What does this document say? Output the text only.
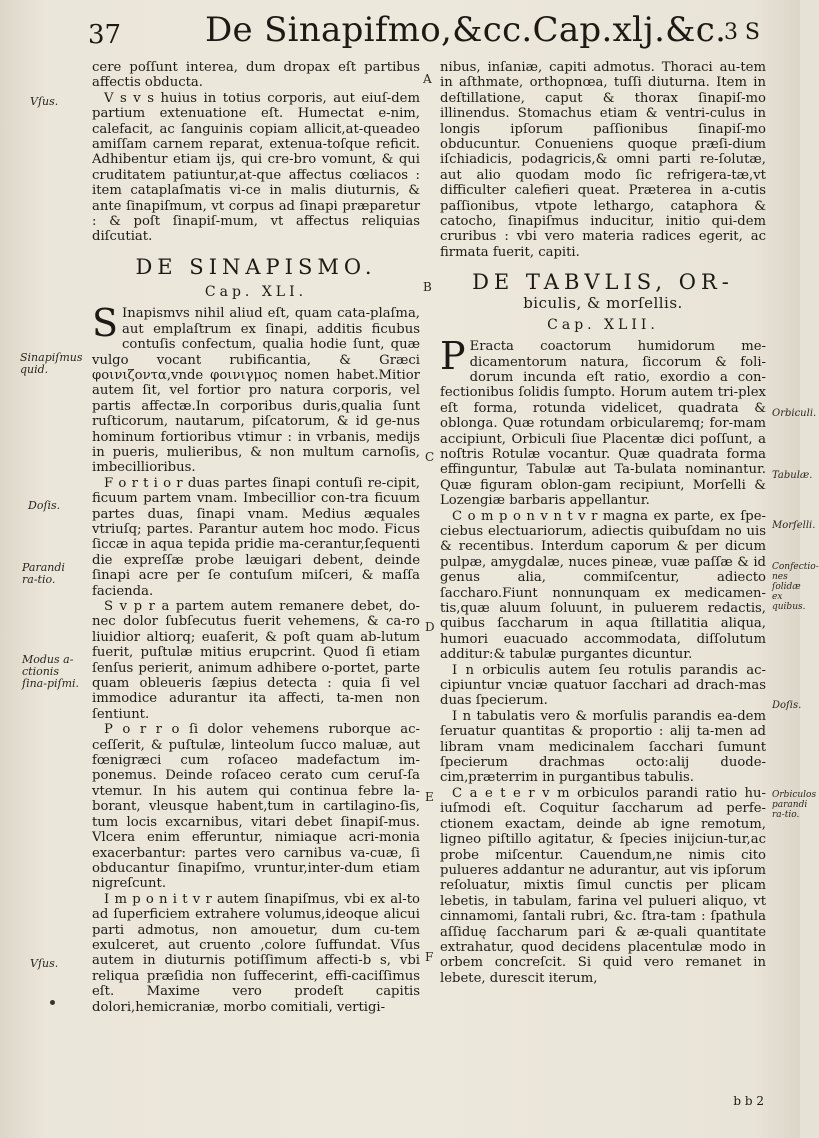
37 De Sinapifmo,&cc.Cap.xlj.&c.
3 S

cere poſſunt interea, dum dropax eſt partibus affectis obducta.

V s v s huius in totius corporis, aut eiuſ-dem partium extenuatione eſt. Humectat e-nim, calefacit, ac ſanguinis copiam allicit,at-queadeo amiſſam carnem reparat, extenua-toſque reficit. Adhibentur etiam ijs, qui cre-bro vomunt, & qui cruditatem patiuntur,at-que affectus cœliacos : item cataplaſmatis vi-ce in malis diuturnis, & ante ſinapiſmum, vt corpus ad ſinapi præparetur : & poſt ſinapiſ-mum, vt affectus reliquias diſcutiat.

DE SINAPISMO.
Cap. XLI.

S Inapismvs nihil aliud eſt, quam cata-plaſma, aut emplaſtrum ex ſinapi, additis ficubus contuſis confectum, qualia hodie ſunt, quæ vulgo vocant rubificantia, & Græci φοινιζοντα,vnde φοινιγμος nomen habet.Mitior autem ſit, vel fortior pro natura corporis, vel partis affectæ.In corporibus duris,qualia ſunt ruſticorum, nautarum, piſcatorum, & id ge-nus hominum fortioribus vtimur : in vrbanis, medijs in pueris, mulieribus, & non multum carnoſis, imbecillioribus.

F o r t i o r duas partes ſinapi contuſi re-cipit, ficuum partem vnam. Imbecillior con-tra ficuum partes duas, ſinapi vnam. Medius æquales vtriuſq; partes. Parantur autem hoc modo. Ficus ſiccæ in aqua tepida pridie ma-cerantur,ſequenti die expreſſæ probe læuigari debent, deinde ſinapi acre per ſe contuſum miſceri, & maſſa facienda.

S v p r a partem autem remanere debet, do-nec dolor ſubſecutus fuerit vehemens, & ca-ro liuidior altiorq; euaſerit, & poſt quam ab-lutum fuerit, puſtulæ mitius erupcrint. Quod ſi etiam ſenſus perierit, animum adhibere o-portet, parte quam obleueris ſæpius detecta : quia ſi vel immodice adurantur ita affecti, ta-men non ſentiunt.

P o r r o ſi dolor vehemens ruborque ac-ceſſerit, & puſtulæ, linteolum ſucco maluæ, aut fœnigræci cum roſaceo madefactum im-ponemus. Deinde roſaceo cerato cum ceruſ-ſa vtemur. In his autem qui continua febre la-borant, vleusque habent,tum in cartilagino-ſis, tum locis excarnibus, vitari debet ſinapiſ-mus. Vlcera enim efferuntur, nimiaque acri-monia exacerbantur: partes vero carnibus va-cuæ, ſi obducantur ſinapiſmo, vruntur,inter-dum etiam nigreſcunt.

I m p o n i t v r autem ſinapiſmus, vbi ex al-to ad ſuperficiem extrahere volumus,ideoque alicui parti admotus, non amouetur, dum cu-tem exulceret, aut cruento ,colore ſuffundat. Vſus autem in diuturnis potiſſimum affecti-b s, vbi reliqua præſidia non ſuffecerint, effi-caciſſimus eſt. Maxime vero prodeſt capitis dolori,hemicraniæ, morbo comitiali, vertigi-

nibus, inſaniæ, capiti admotus. Thoraci au-tem in aſthmate, orthopnœa, tuſſi diuturna. Item in deſtillatione, caput & thorax ſinapiſ-mo illinendus. Stomachus etiam & ventri-culus in longis ipſorum paſſionibus ſinapiſ-mo obducuntur. Conueniens quoque præſi-dium iſchiadicis, podagricis,& omni parti re-ſolutæ, aut alio quodam modo ſic refrigera-tæ,vt difficulter calefieri queat. Præterea in a-cutis paſſionibus, vtpote lethargo, cataphora & catocho, ſinapiſmus inducitur, initio qui-dem cruribus : vbi vero materia radices egerit, ac firmata fuerit, capiti.

DE TABVLIS, OR-
biculis, & morſellis.
Cap. XLII.

P Eracta coactorum humidorum me-dicamentorum natura, ſiccorum & foli-dorum incunda eſt ratio, exordio a con-fectionibus ſolidis ſumpto. Horum autem tri-plex eſt forma, rotunda videlicet, quadrata & oblonga. Quæ rotundam orbicularemq; for-mam accipiunt, Orbiculi ſiue Placentæ dici poſſunt, a noſtris Rotulæ vocantur. Quæ quadrata forma effinguntur, Tabulæ aut Ta-bulata nominantur. Quæ figuram oblon-gam recipiunt, Morſelli & Lozengiæ barbaris appellantur.

C o m p o n v n t v r magna ex parte, ex ſpe-ciebus electuariorum, adiectis quibuſdam no uis & recentibus. Interdum caporum & per dicum pulpæ, amygdalæ, nuces pineæ, vuæ paſſæ & id genus alia, commiſcentur, adiecto ſaccharo.Fiunt nonnunquam ex medicamen-tis,quæ aluum ſoluunt, in puluerem redactis, quibus ſaccharum in aqua ſtillatitia aliqua, humori euacuado accommodata, diſſolutum additur:& tabulæ purgantes dicuntur.

I n orbiculis autem ſeu rotulis parandis ac-cipiuntur vnciæ quatuor ſacchari ad drach-mas duas ſpecierum.

I n tabulatis vero & morſulis parandis ea-dem ſeruatur quantitas & proportio : alij ta-men ad libram vnam medicinalem ſacchari ſumunt ſpecierum drachmas octo:alij duode-cim,præterrim in purgantibus tabulis.

C a e t e r v m orbiculos parandi ratio hu-iuſmodi eſt. Coquitur ſaccharum ad perfe-ctionem exactam, deinde ab igne remotum, ligneo piſtillo agitatur, & ſpecies inijciun-tur,ac probe miſcentur. Cauendum,ne nimis cito pulueres addantur ne adurantur, aut vis ipſorum reſoluatur, mixtis ſimul cunctis per plicam lebetis, in tabulam, farina vel pulueri aliquo, vt cinnamomi, ſantali rubri, &c. ſtra-tam : ſpathula aſſiduę ſaccharum pari & æ-quali quantitate extrahatur, quod decidens placentulæ modo in orbem concreſcit. Si quid vero remanet in lebete, durescit iterum,

Vſus.
Sinapiſmus quid.
Doſis.
Parandi ra-tio.
Modus a-ctionis ſina-piſmi.
Vſus.
Orbiculi.
Tabulæ.
Morſelli.
Confectio-nes ſolidæ ex quibus.
Doſis.
Orbiculos parandi ra-tio.
A
B
C
D
E
F
b b 2
